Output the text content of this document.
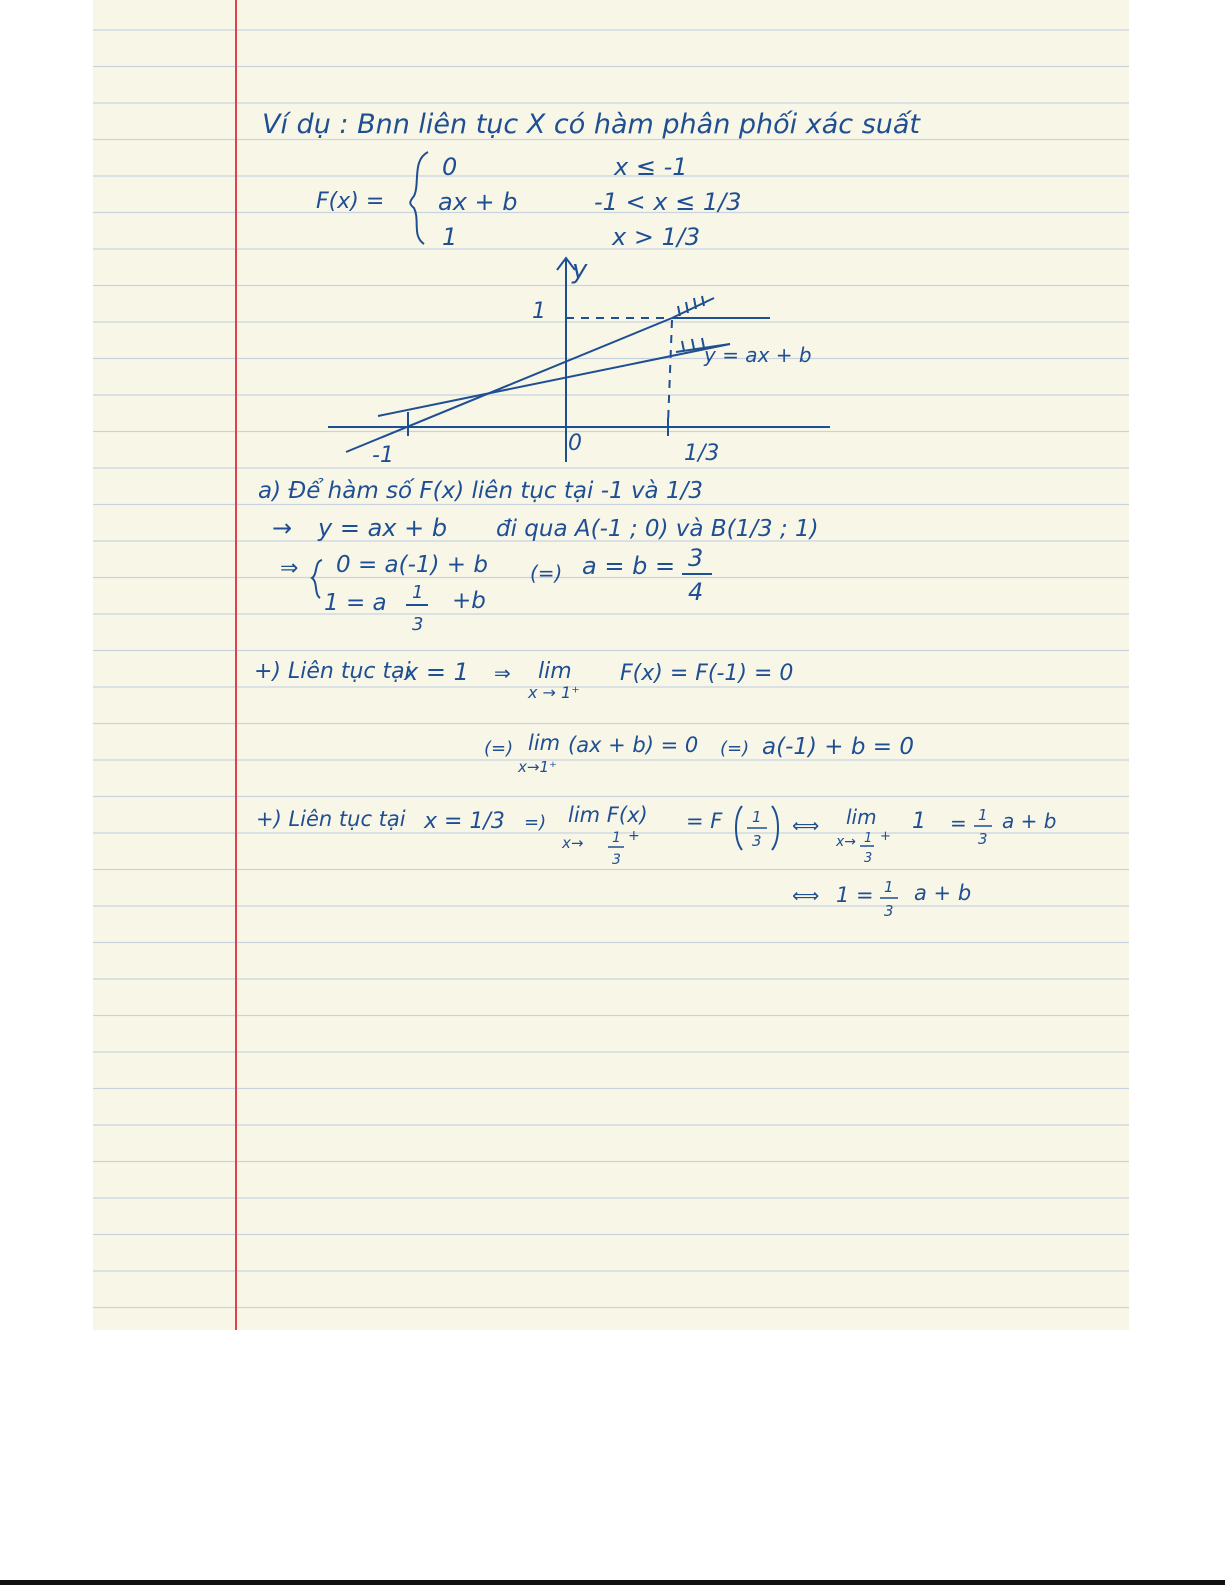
Ví dụ : Bnn liên tục X có hàm phân phối xác suất
F(x) =
0	x ≤ -1
ax + b	-1 < x ≤ 1/3
1	x > 1/3
y
1
y = ax + b
-1	0	1/3
a) Để hàm số F(x) liên tục tại -1 và 1/3
→ y = ax + b đi qua A(-1 ; 0) và B(1/3 ; 1)
⇒ 0 = a(-1) + b
1 = a 1
3
+b
(=) a = b = 3
4
+) Liên tục tại
x = 1 ⇒ lim
x → 1⁺
F(x) = F(-1) = 0
(=) lim
x→1⁺
(ax + b) = 0 (=) a(-1) + b = 0
+) Liên tục tại x = 1/3 =) lim F(x)
x→ 1
3
+
= F 1
3
⟺ lim
x→ 1
3
+
1 = 1
3
a + b
⟺ 1 = 1
3
a + b
